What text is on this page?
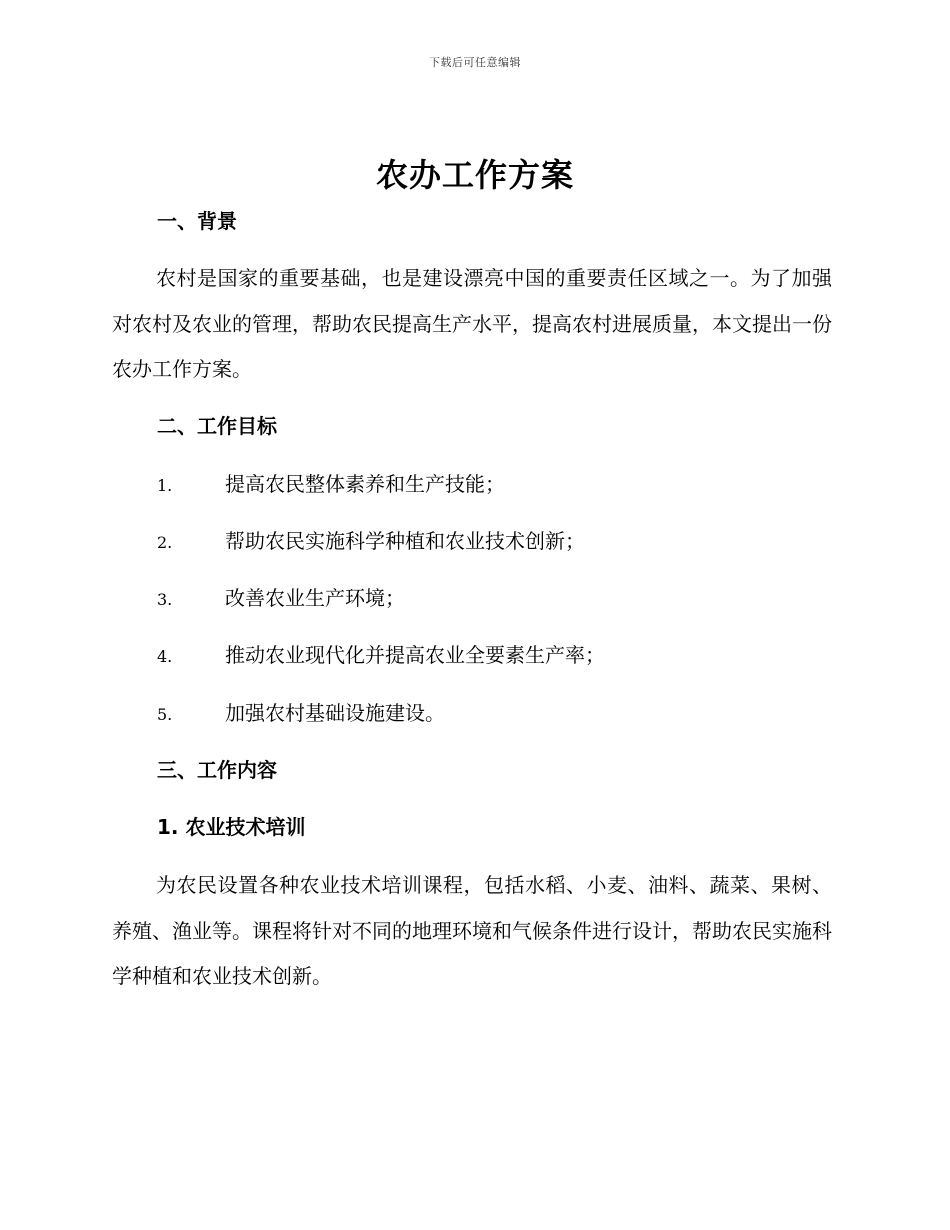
下载后可任意编辑
农办工作方案
一、背景
农村是国家的重要基础，也是建设漂亮中国的重要责任区域之一。为了加强对农村及农业的管理，帮助农民提高生产水平，提高农村进展质量，本文提出一份农办工作方案。
二、工作目标
1.	提高农民整体素养和生产技能；
2.	帮助农民实施科学种植和农业技术创新；
3.	改善农业生产环境；
4.	推动农业现代化并提高农业全要素生产率；
5.	加强农村基础设施建设。
三、工作内容
1. 农业技术培训
为农民设置各种农业技术培训课程，包括水稻、小麦、油料、蔬菜、果树、养殖、渔业等。课程将针对不同的地理环境和气候条件进行设计，帮助农民实施科学种植和农业技术创新。
